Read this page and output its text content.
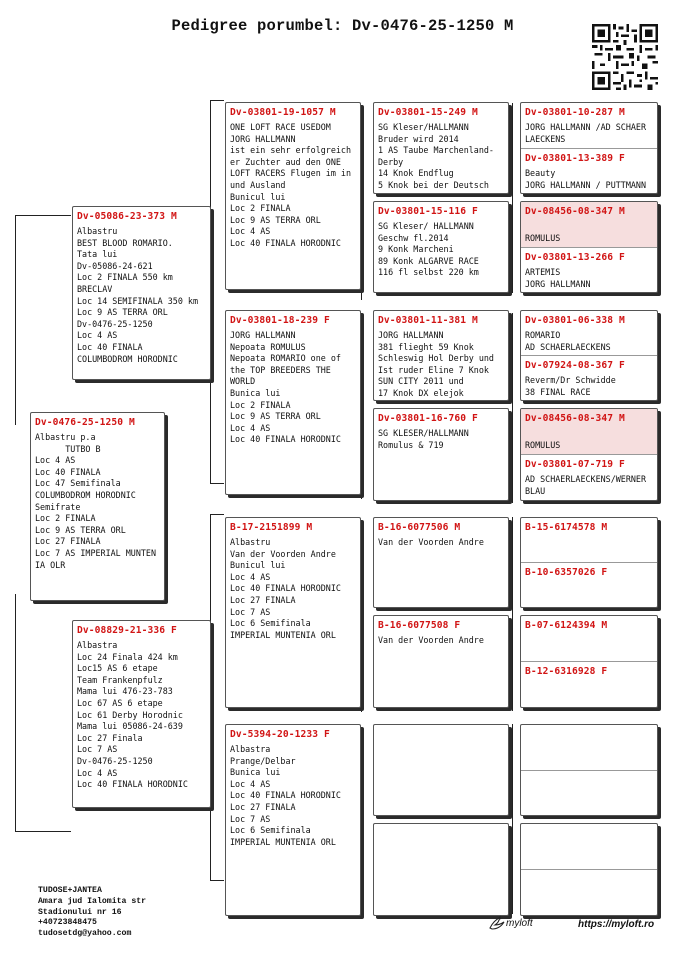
Pedigree porumbel: Dv-0476-25-1250 M
Dv-0476-25-1250 M
Albastru p.a
TUTBO B
Loc 4 AS
Loc 40 FINALA
Loc 47 Semifinala
COLUMBODROM HORODNIC
Semifrate
Loc 2 FINALA
Loc 9 AS TERRA ORL
Loc 27 FINALA
Loc 7 AS IMPERIAL MUNTEN
IA OLR
Dv-05086-23-373 M
Albastru
BEST BLOOD ROMARIO.
Tata lui
Dv-05086-24-621
Loc 2 FINALA 550 km
BRECLAV
Loc 14 SEMIFINALA 350 km
Loc 9 AS TERRA ORL
Dv-0476-25-1250
Loc 4 AS
Loc 40 FINALA
COLUMBODROM HORODNIC
Dv-08829-21-336 F
Albastra
Loc 24 Finala 424 km
Loc15 AS 6 etape
Team Frankenpfulz
Mama lui 476-23-783
Loc 67 AS 6 etape
Loc 61 Derby Horodnic
Mama lui 05086-24-639
Loc 27 Finala
Loc 7 AS
Dv-0476-25-1250
Loc 4 AS
Loc 40 FINALA HORODNIC
Dv-03801-19-1057 M
ONE LOFT RACE USEDOM
JORG HALLMANN
ist ein sehr erfolgreich
er Zuchter aud den ONE
LOFT RACERS Flugen im in
und Ausland
Bunicul lui
Loc 2 FINALA
Loc 9 AS TERRA ORL
Loc 4 AS
Loc 40 FINALA HORODNIC
Dv-03801-18-239 F
JORG HALLMANN
Nepoata ROMULUS
Nepoata ROMARIO one of
the TOP BREEDERS THE
WORLD
Bunica lui
Loc 2 FINALA
Loc 9 AS TERRA ORL
Loc 4 AS
Loc 40 FINALA HORODNIC
B-17-2151899 M
Albastru
Van der Voorden Andre
Bunicul lui
Loc 4 AS
Loc 40 FINALA HORODNIC
Loc 27 FINALA
Loc 7 AS
Loc 6 Semifinala
IMPERIAL MUNTENIA ORL
Dv-5394-20-1233 F
Albastra
Prange/Delbar
Bunica lui
Loc 4 AS
Loc 40 FINALA HORODNIC
Loc 27 FINALA
Loc 7 AS
Loc 6 Semifinala
IMPERIAL MUNTENIA ORL
Dv-03801-15-249 M
SG Kleser/HALLMANN
Bruder wird 2014
1 AS Taube Marchenland-
Derby
14 Knok Endflug
5 Knok bei der Deutsch
Dv-03801-15-116 F
SG Kleser/ HALLMANN
Geschw fl.2014
9 Konk Marcheni
89 Konk ALGARVE RACE
116 fl selbst 220 km
Dv-03801-11-381 M
JORG HALLMANN
381 flieght 59 Knok
Schleswig Hol Derby und
Ist ruder Eline 7 Knok
SUN CITY 2011 und
17 Knok DX elejok
Dv-03801-16-760 F
SG KLESER/HALLMANN
Romulus & 719
B-16-6077506 M
Van der Voorden Andre
B-16-6077508 F
Van der Voorden Andre
Dv-03801-10-287 M
JORG HALLMANN /AD SCHAER
LAECKENS
Dv-03801-13-389 F
Beauty
JORG HALLMANN / PUTTMANN
Dv-08456-08-347 M

ROMULUS
Dv-03801-13-266 F
ARTEMIS
JORG HALLMANN
Dv-03801-06-338 M
ROMARIO
AD SCHAERLAECKENS
Dv-07924-08-367 F
Reverm/Dr Schwidde
38 FINAL RACE
Dv-08456-08-347 M

ROMULUS
Dv-03801-07-719 F
AD SCHAERLAECKENS/WERNER
BLAU
B-15-6174578 M
B-10-6357026 F
B-07-6124394 M
B-12-6316928 F
TUDOSE+JANTEA
Amara jud Ialomita str
Stadionului nr 16
+40723848475
tudosetdg@yahoo.com
myloft	https://myloft.ro
